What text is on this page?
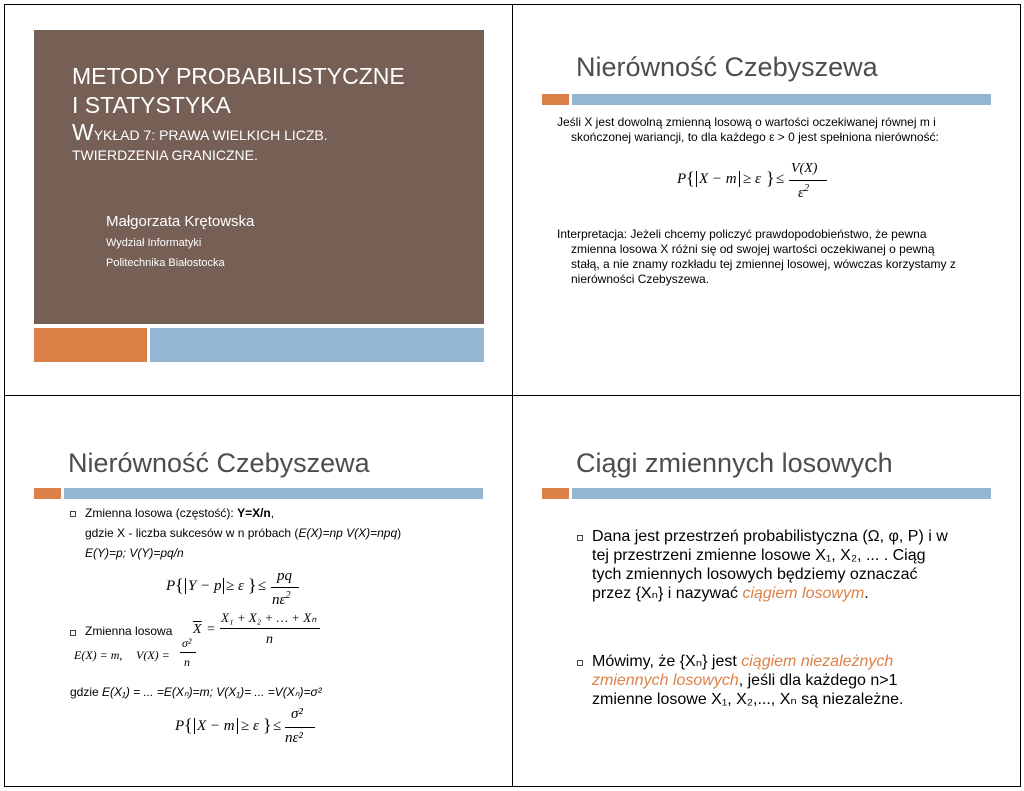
METODY PROBABILISTYCZNE
I STATYSTYKA
WYKŁAD 7: PRAWA WIELKICH LICZB.
TWIERDZENIA GRANICZNE.
Małgorzata Krętowska
Wydział Informatyki
Politechnika Białostocka
Nierówność Czebyszewa
Jeśli X jest dowolną zmienną losową o wartości oczekiwanej równej m i
skończonej wariancji, to dla każdego ε > 0 jest spełniona nierówność:
P { X − m ≥ ε } ≤
V(X)
$\varepsilon^2$
Interpretacja: Jeżeli chcemy policzyć prawdopodobieństwo, że pewna
zmienna losowa X różni się od swojej wartości oczekiwanej o pewną
stałą, a nie znamy rozkładu tej zmiennej losowej, wówczas korzystamy z
nierówności Czebyszewa.
Nierówność Czebyszewa
Zmienna losowa (częstość): Y=X/n,
gdzie X - liczba sukcesów w n próbach (E(X)=np V(X)=npq)
E(Y)=p; V(Y)=pq/n
P { Y − p ≥ ε } ≤
pq
$n\varepsilon^2$
Zmienna losowa $\overline{X}$ =
X₁ + X₂ + … + Xₙ
n
E(X) = m, V(X) =
σ²
n
gdzie E(X₁) = ... =E(Xₙ)=m; V(X₁)= ... =V(Xₙ)=σ²
P { X − m ≥ ε } ≤
σ²
nε²
Ciągi zmiennych losowych
Dana jest przestrzeń probabilistyczna (Ω, φ, P) i w
tej przestrzeni zmienne losowe X₁, X₂, ... . Ciąg
tych zmiennych losowych będziemy oznaczać
przez {Xₙ} i nazywać ciągiem losowym.
Mówimy, że {Xₙ} jest ciągiem niezależnych
zmiennych losowych, jeśli dla każdego n>1
zmienne losowe X₁, X₂,..., Xₙ są niezależne.
